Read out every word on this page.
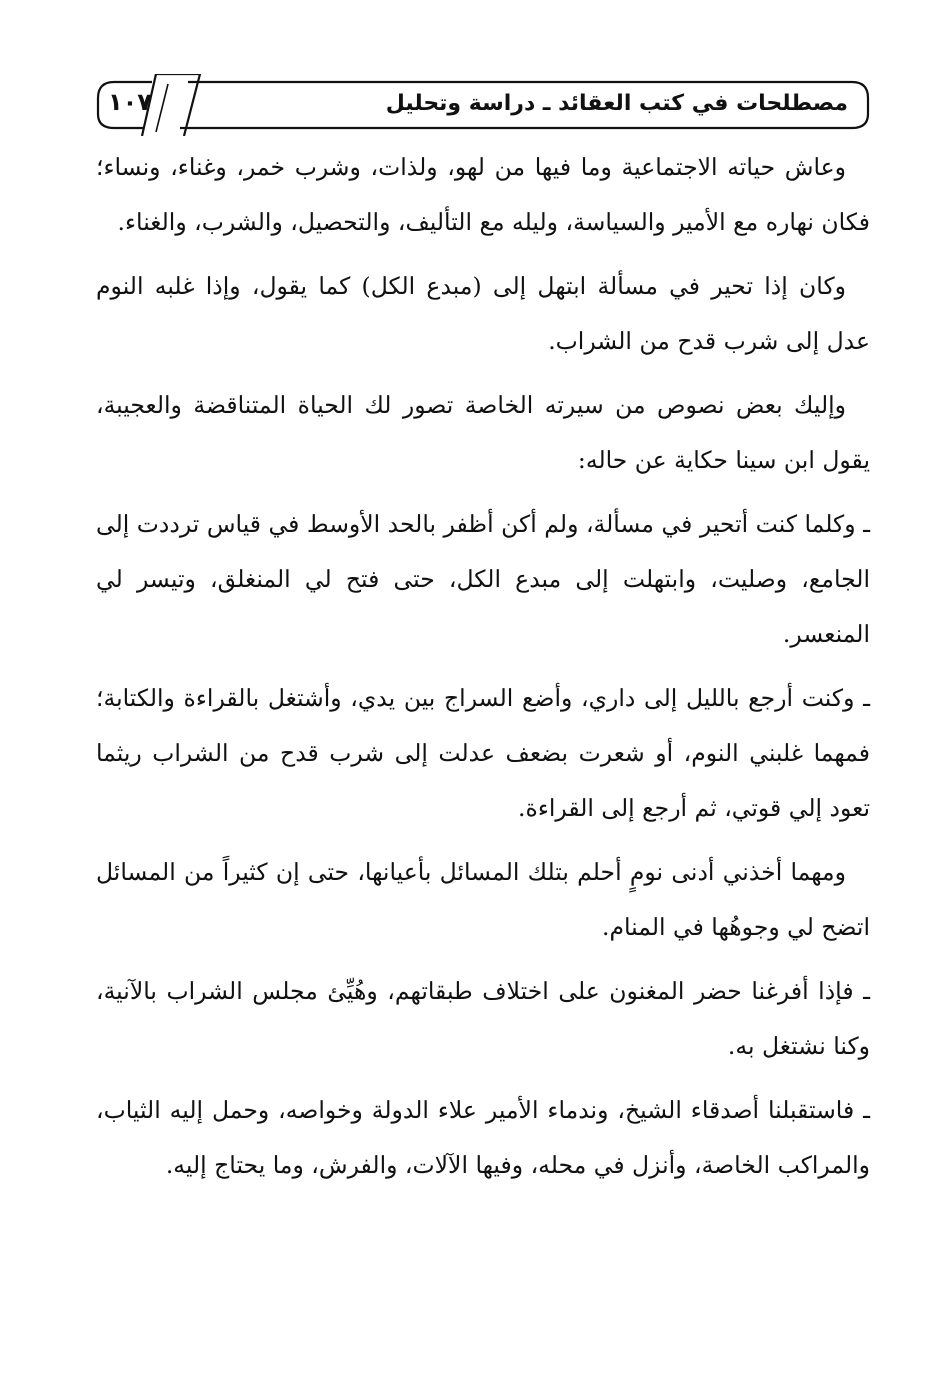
١٠٧	مصطلحات في كتب العقائد ـ دراسة وتحليل

وعاش حياته الاجتماعية وما فيها من لهو، ولذات، وشرب خمر، وغناء، ونساء؛ فكان نهاره مع الأمير والسياسة، وليله مع التأليف، والتحصيل، والشرب، والغناء.

وكان إذا تحير في مسألة ابتهل إلى (مبدع الكل) كما يقول، وإذا غلبه النوم عدل إلى شرب قدح من الشراب.

وإليك بعض نصوص من سيرته الخاصة تصور لك الحياة المتناقضة والعجيبة، يقول ابن سينا حكاية عن حاله:

ـ وكلما كنت أتحير في مسألة، ولم أكن أظفر بالحد الأوسط في قياس ترددت إلى الجامع، وصليت، وابتهلت إلى مبدع الكل، حتى فتح لي المنغلق، وتيسر لي المنعسر.

ـ وكنت أرجع بالليل إلى داري، وأضع السراج بين يدي، وأشتغل بالقراءة والكتابة؛ فمهما غلبني النوم، أو شعرت بضعف عدلت إلى شرب قدح من الشراب ريثما تعود إلي قوتي، ثم أرجع إلى القراءة.

ومهما أخذني أدنى نومٍ أحلم بتلك المسائل بأعيانها، حتى إن كثيراً من المسائل اتضح لي وجوهُها في المنام.

ـ فإذا أفرغنا حضر المغنون على اختلاف طبقاتهم، وهُيِّئ مجلس الشراب بالآنية، وكنا نشتغل به.

ـ فاستقبلنا أصدقاء الشيخ، وندماء الأمير علاء الدولة وخواصه، وحمل إليه الثياب، والمراكب الخاصة، وأنزل في محله، وفيها الآلات، والفرش، وما يحتاج إليه.
